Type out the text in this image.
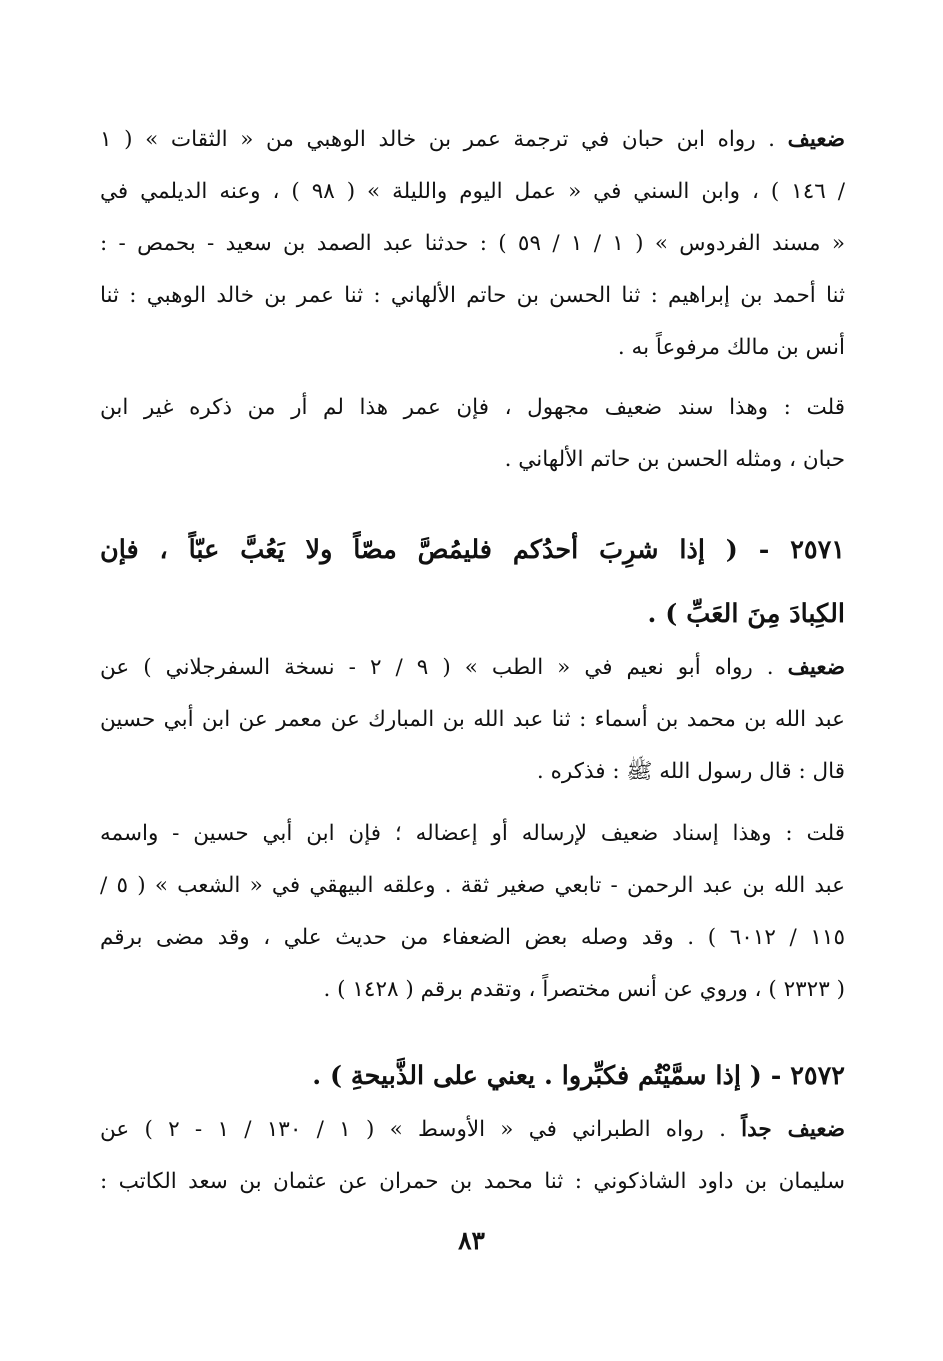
ضعيف . رواه ابن حبان في ترجمة عمر بن خالد الوهبي من « الثقات » ( ١
/ ١٤٦ ) ، وابن السني في « عمل اليوم والليلة » ( ٩٨ ) ، وعنه الديلمي في
« مسند الفردوس » ( ١ / ١ / ٥٩ ) : حدثنا عبد الصمد بن سعيد - بحمص - :
ثنا أحمد بن إبراهيم : ثنا الحسن بن حاتم الألهاني : ثنا عمر بن خالد الوهبي : ثنا
أنس بن مالك مرفوعاً به .
قلت : وهذا سند ضعيف مجهول ، فإن عمر هذا لم أر من ذكره غير ابن
حبان ، ومثله الحسن بن حاتم الألهاني .
٢٥٧١ - ( إذا شرِبَ أحدُكم فليمُصَّ مصّاً ولا يَعُبَّ عبّاً ، فإن
الكِبادَ مِنَ العَبِّ ) .
ضعيف . رواه أبو نعيم في « الطب » ( ٩ / ٢ - نسخة السفرجلاني ) عن
عبد الله بن محمد بن أسماء : ثنا عبد الله بن المبارك عن معمر عن ابن أبي حسين
قال : قال رسول الله ﷺ : فذكره .
قلت : وهذا إسناد ضعيف لإرساله أو إعضاله ؛ فإن ابن أبي حسين - واسمه
عبد الله بن عبد الرحمن - تابعي صغير ثقة . وعلقه البيهقي في « الشعب » ( ٥ /
١١٥ / ٦٠١٢ ) . وقد وصله بعض الضعفاء من حديث علي ، وقد مضى برقم
( ٢٣٢٣ ) ، وروي عن أنس مختصراً ، وتقدم برقم ( ١٤٢٨ ) .
٢٥٧٢ - ( إذا سمَّيْتُم فكبِّروا . يعني على الذَّبيحةِ ) .
ضعيف جداً . رواه الطبراني في « الأوسط » ( ١ / ١٣٠ / ١ - ٢ ) عن
سليمان بن داود الشاذكوني : ثنا محمد بن حمران عن عثمان بن سعد الكاتب :
٨٣
